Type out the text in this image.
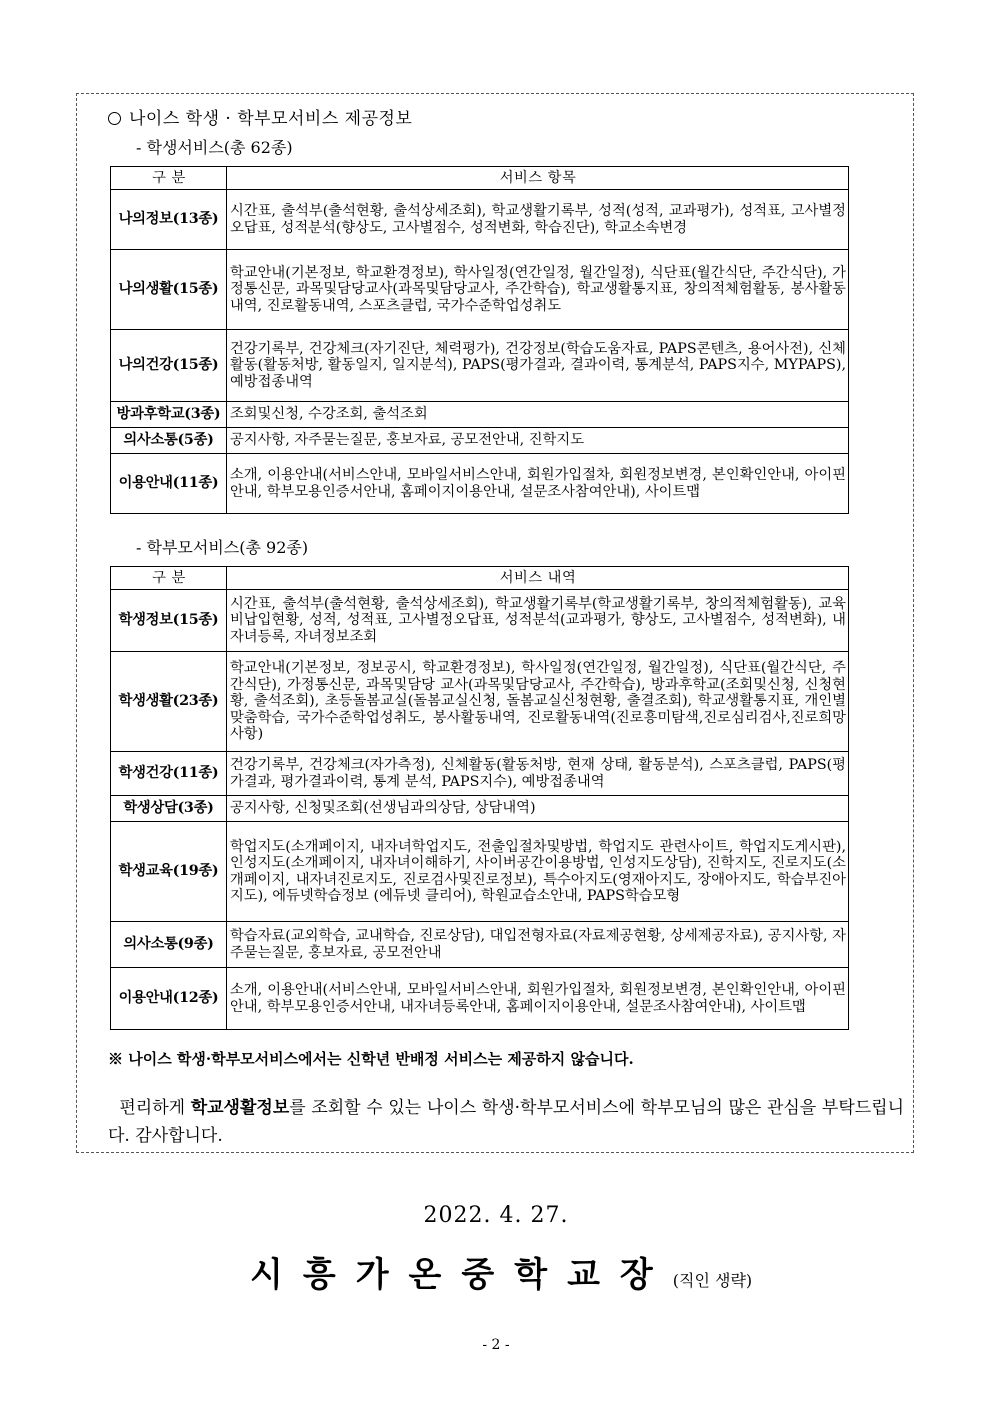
나이스 학생 · 학부모서비스 제공정보
- 학생서비스(총 62종)
구 분	서비스 항목
나의정보(13종)	시간표, 출석부(출석현황, 출석상세조회), 학교생활기록부, 성적(성적, 교과평가), 성적표, 고사별정오답표, 성적분석(향상도, 고사별점수, 성적변화, 학습진단), 학교소속변경
나의생활(15종)	학교안내(기본정보, 학교환경정보), 학사일정(연간일정, 월간일정), 식단표(월간식단, 주간식단), 가정통신문, 과목및담당교사(과목및담당교사, 주간학습), 학교생활통지표, 창의적체험활동, 봉사활동내역, 진로활동내역, 스포츠클럽, 국가수준학업성취도
나의건강(15종)	건강기록부, 건강체크(자기진단, 체력평가), 건강정보(학습도움자료, PAPS콘텐츠, 용어사전), 신체활동(활동처방, 활동일지, 일지분석), PAPS(평가결과, 결과이력, 통계분석, PAPS지수, MYPAPS), 예방접종내역
방과후학교(3종)	조회및신청, 수강조회, 출석조회
의사소통(5종)	공지사항, 자주묻는질문, 홍보자료, 공모전안내, 진학지도
이용안내(11종)	소개, 이용안내(서비스안내, 모바일서비스안내, 회원가입절차, 회원정보변경, 본인확인안내, 아이핀안내, 학부모용인증서안내, 홈페이지이용안내, 설문조사참여안내), 사이트맵
- 학부모서비스(총 92종)
구 분	서비스 내역
학생정보(15종)	시간표, 출석부(출석현황, 출석상세조회), 학교생활기록부(학교생활기록부, 창의적체험활동), 교육비납입현황, 성적, 성적표, 고사별정오답표, 성적분석(교과평가, 향상도, 고사별점수, 성적변화), 내자녀등록, 자녀정보조회
학생생활(23종)	학교안내(기본정보, 정보공시, 학교환경정보), 학사일정(연간일정, 월간일정), 식단표(월간식단, 주간식단), 가정통신문, 과목및담당 교사(과목및담당교사, 주간학습), 방과후학교(조회및신청, 신청현황, 출석조회), 초등돌봄교실(돌봄교실신청, 돌봄교실신청현황, 출결조회), 학교생활통지표, 개인별맞춤학습, 국가수준학업성취도, 봉사활동내역, 진로활동내역(진로흥미탐색,진로심리검사,진로희망사항)
학생건강(11종)	건강기록부, 건강체크(자가측정), 신체활동(활동처방, 현재 상태, 활동분석), 스포츠클럽, PAPS(평가결과, 평가결과이력, 통계 분석, PAPS지수), 예방접종내역
학생상담(3종)	공지사항, 신청및조회(선생님과의상담, 상담내역)
학생교육(19종)	학업지도(소개페이지, 내자녀학업지도, 전출입절차및방법, 학업지도 관련사이트, 학업지도게시판), 인성지도(소개페이지, 내자녀이해하기, 사이버공간이용방법, 인성지도상담), 진학지도, 진로지도(소개페이지, 내자녀진로지도, 진로검사및진로정보), 특수아지도(영재아지도, 장애아지도, 학습부진아지도), 에듀넷학습정보 (에듀넷 클리어), 학원교습소안내, PAPS학습모형
의사소통(9종)	학습자료(교외학습, 교내학습, 진로상담), 대입전형자료(자료제공현황, 상세제공자료), 공지사항, 자주묻는질문, 홍보자료, 공모전안내
이용안내(12종)	소개, 이용안내(서비스안내, 모바일서비스안내, 회원가입절차, 회원정보변경, 본인확인안내, 아이핀안내, 학부모용인증서안내, 내자녀등록안내, 홈페이지이용안내, 설문조사참여안내), 사이트맵
※ 나이스 학생·학부모서비스에서는 신학년 반배정 서비스는 제공하지 않습니다.
편리하게 학교생활정보를 조회할 수 있는 나이스 학생·학부모서비스에 학부모님의 많은 관심을 부탁드립니다. 감사합니다.
2022. 4. 27.
시흥가온중학교장(직인 생략)
- 2 -
